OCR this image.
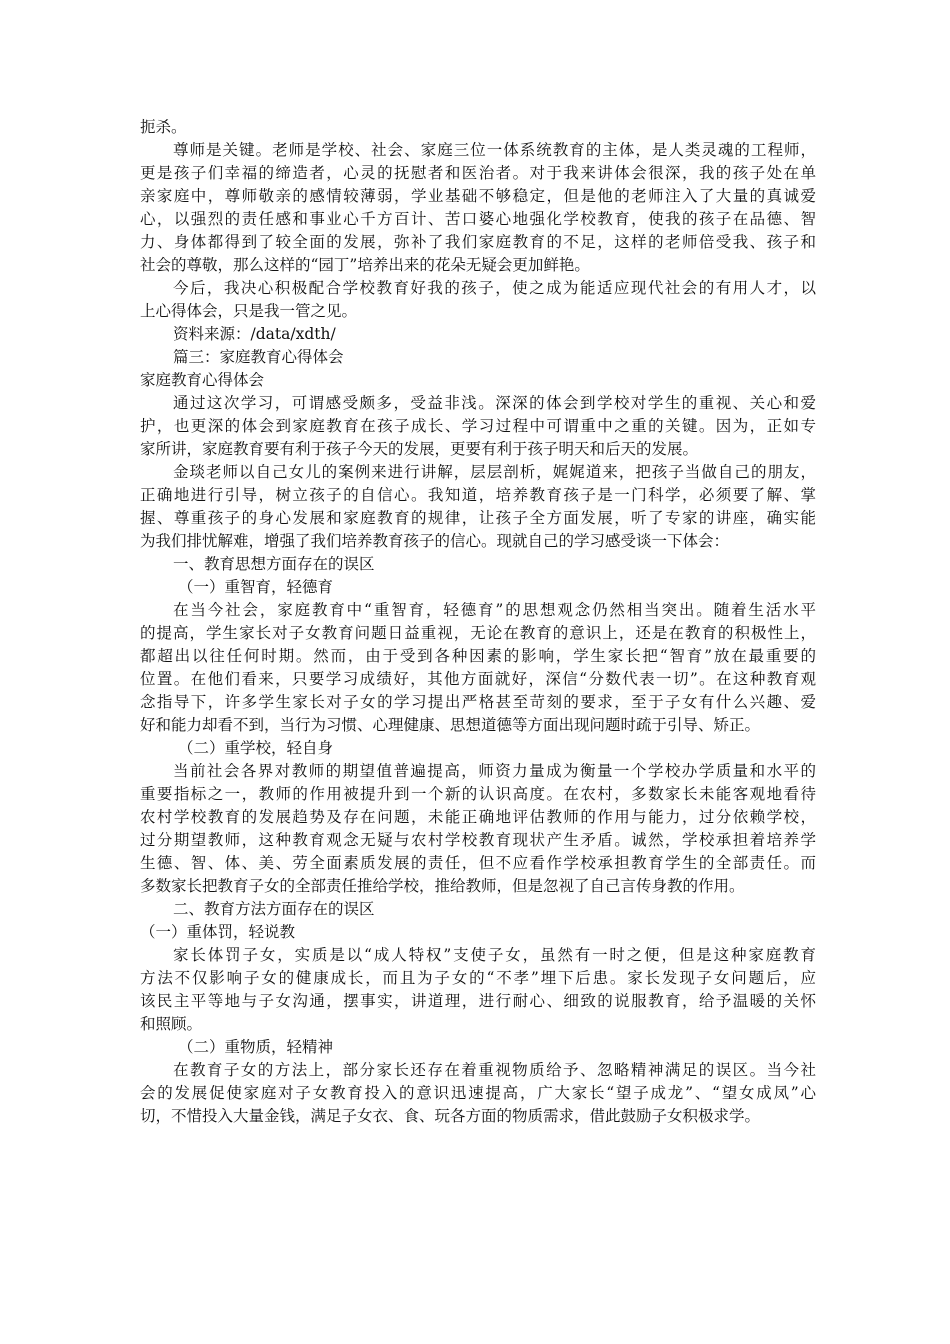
扼杀。
尊师是关键。老师是学校、社会、家庭三位一体系统教育的主体，是人类灵魂的工程师，
更是孩子们幸福的缔造者，心灵的抚慰者和医治者。对于我来讲体会很深，我的孩子处在单
亲家庭中，尊师敬亲的感情较薄弱，学业基础不够稳定，但是他的老师注入了大量的真诚爱
心，以强烈的责任感和事业心千方百计、苦口婆心地强化学校教育，使我的孩子在品德、智
力、身体都得到了较全面的发展，弥补了我们家庭教育的不足，这样的老师倍受我、孩子和
社会的尊敬，那么这样的“园丁”培养出来的花朵无疑会更加鲜艳。
今后，我决心积极配合学校教育好我的孩子，使之成为能适应现代社会的有用人才，以
上心得体会，只是我一管之见。
资料来源：/data/xdth/
篇三：家庭教育心得体会
家庭教育心得体会
通过这次学习，可谓感受颇多，受益非浅。深深的体会到学校对学生的重视、关心和爱
护，也更深的体会到家庭教育在孩子成长、学习过程中可谓重中之重的关键。因为，正如专
家所讲，家庭教育要有利于孩子今天的发展，更要有利于孩子明天和后天的发展。
金琰老师以自己女儿的案例来进行讲解，层层剖析，娓娓道来，把孩子当做自己的朋友，
正确地进行引导，树立孩子的自信心。我知道，培养教育孩子是一门科学，必须要了解、掌
握、尊重孩子的身心发展和家庭教育的规律，让孩子全方面发展，听了专家的讲座，确实能
为我们排忧解难，增强了我们培养教育孩子的信心。现就自己的学习感受谈一下体会：
一、教育思想方面存在的误区
（一）重智育，轻德育
在当今社会，家庭教育中“重智育，轻德育”的思想观念仍然相当突出。随着生活水平
的提高，学生家长对子女教育问题日益重视，无论在教育的意识上，还是在教育的积极性上，
都超出以往任何时期。然而，由于受到各种因素的影响，学生家长把“智育”放在最重要的
位置。在他们看来，只要学习成绩好，其他方面就好，深信“分数代表一切”。在这种教育观
念指导下，许多学生家长对子女的学习提出严格甚至苛刻的要求，至于子女有什么兴趣、爱
好和能力却看不到，当行为习惯、心理健康、思想道德等方面出现问题时疏于引导、矫正。
（二）重学校，轻自身
当前社会各界对教师的期望值普遍提高，师资力量成为衡量一个学校办学质量和水平的
重要指标之一，教师的作用被提升到一个新的认识高度。在农村，多数家长未能客观地看待
农村学校教育的发展趋势及存在问题，未能正确地评估教师的作用与能力，过分依赖学校，
过分期望教师，这种教育观念无疑与农村学校教育现状产生矛盾。诚然，学校承担着培养学
生德、智、体、美、劳全面素质发展的责任，但不应看作学校承担教育学生的全部责任。而
多数家长把教育子女的全部责任推给学校，推给教师，但是忽视了自己言传身教的作用。
二、教育方法方面存在的误区
（一）重体罚，轻说教
家长体罚子女，实质是以“成人特权”支使子女，虽然有一时之便，但是这种家庭教育
方法不仅影响子女的健康成长，而且为子女的“不孝”埋下后患。家长发现子女问题后，应
该民主平等地与子女沟通，摆事实，讲道理，进行耐心、细致的说服教育，给予温暖的关怀
和照顾。
（二）重物质，轻精神
在教育子女的方法上，部分家长还存在着重视物质给予、忽略精神满足的误区。当今社
会的发展促使家庭对子女教育投入的意识迅速提高，广大家长“望子成龙”、“望女成凤”心
切，不惜投入大量金钱，满足子女衣、食、玩各方面的物质需求，借此鼓励子女积极求学。
